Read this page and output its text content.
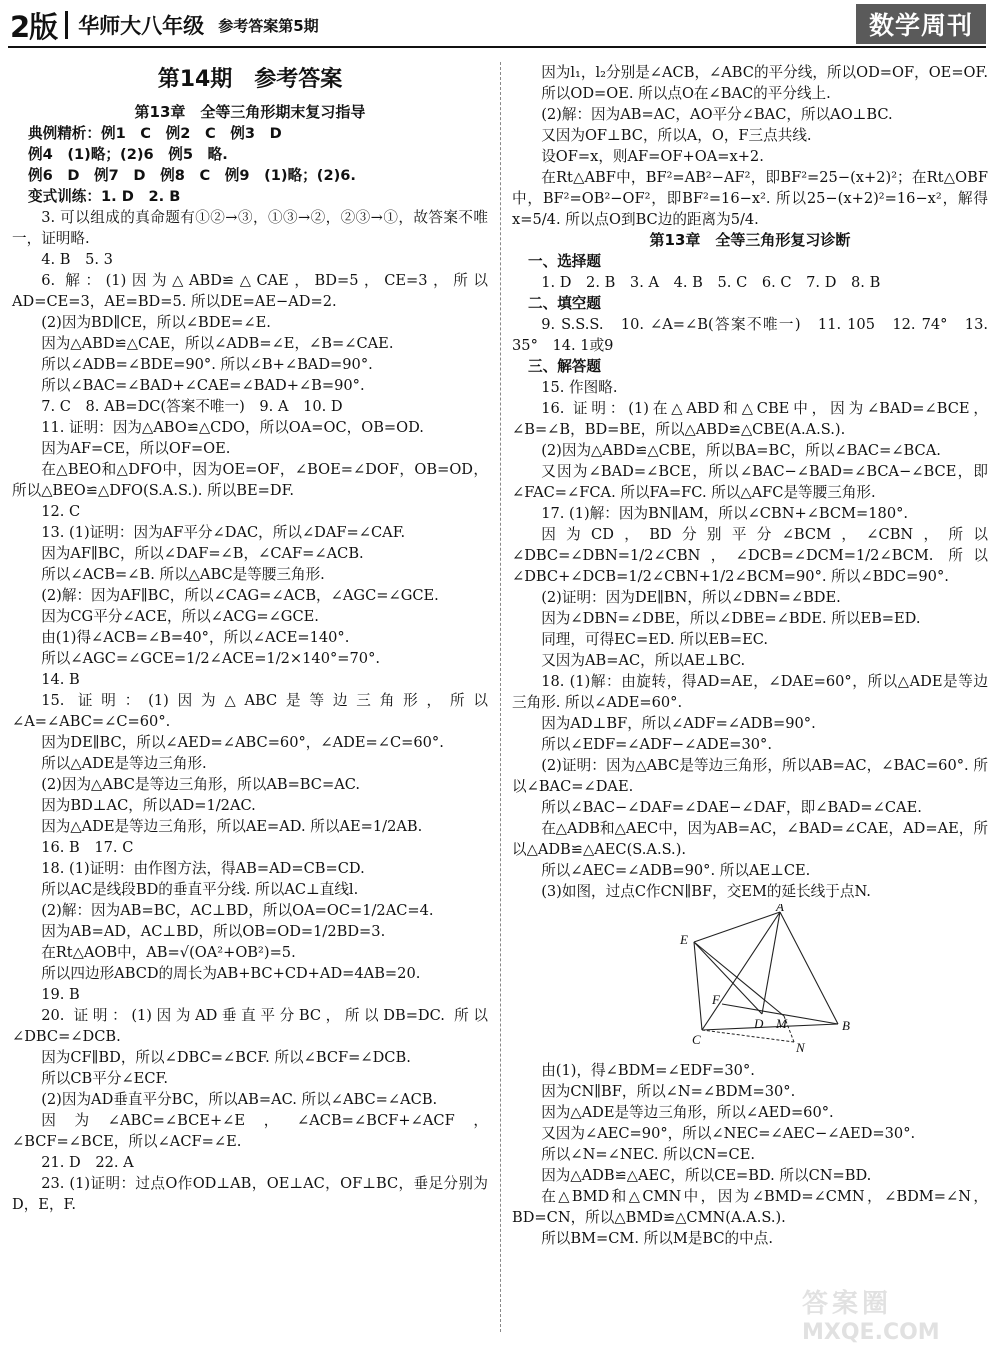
2版 华师大八年级 参考答案第5期	数学周刊
第14期　参考答案
第13章　全等三角形期末复习指导
典例精析：例1　C　例2　C　例3　D
例4　(1)略；(2)6　例5　略.
例6　D　例7　D　例8　C　例9　(1)略；(2)6.
变式训练：1. D　2. B
3. 可以组成的真命题有①②→③，①③→②，②③→①，故答案不唯一，证明略.
4. B　5. 3
6. 解：(1)因为△ABD≌△CAE，BD=5，CE=3，所以AD=CE=3，AE=BD=5. 所以DE=AE−AD=2.
(2)因为BD∥CE，所以∠BDE=∠E.
因为△ABD≌△CAE，所以∠ADB=∠E，∠B=∠CAE.
所以∠ADB=∠BDE=90°. 所以∠B+∠BAD=90°.
所以∠BAC=∠BAD+∠CAE=∠BAD+∠B=90°.
7. C　8. AB=DC(答案不唯一)　9. A　10. D
11. 证明：因为△ABO≌△CDO，所以OA=OC，OB=OD.
因为AF=CE，所以OF=OE.
在△BEO和△DFO中，因为OE=OF，∠BOE=∠DOF，OB=OD，所以△BEO≌△DFO(S.A.S.). 所以BE=DF.
12. C
13. (1)证明：因为AF平分∠DAC，所以∠DAF=∠CAF.
因为AF∥BC，所以∠DAF=∠B，∠CAF=∠ACB.
所以∠ACB=∠B. 所以△ABC是等腰三角形.
(2)解：因为AF∥BC，所以∠CAG=∠ACB，∠AGC=∠GCE.
因为CG平分∠ACE，所以∠ACG=∠GCE.
由(1)得∠ACB=∠B=40°，所以∠ACE=140°.
所以∠AGC=∠GCE=1/2∠ACE=1/2×140°=70°.
14. B
15. 证明：(1)因为△ABC是等边三角形，所以∠A=∠ABC=∠C=60°.
因为DE∥BC，所以∠AED=∠ABC=60°，∠ADE=∠C=60°.
所以△ADE是等边三角形.
(2)因为△ABC是等边三角形，所以AB=BC=AC.
因为BD⊥AC，所以AD=1/2AC.
因为△ADE是等边三角形，所以AE=AD. 所以AE=1/2AB.
16. B　17. C
18. (1)证明：由作图方法，得AB=AD=CB=CD.
所以AC是线段BD的垂直平分线. 所以AC⊥直线l.
(2)解：因为AB=BC，AC⊥BD，所以OA=OC=1/2AC=4.
因为AB=AD，AC⊥BD，所以OB=OD=1/2BD=3.
在Rt△AOB中，AB=√(OA²+OB²)=5.
所以四边形ABCD的周长为AB+BC+CD+AD=4AB=20.
19. B
20. 证明：(1)因为AD垂直平分BC，所以DB=DC. 所以∠DBC=∠DCB.
因为CF∥BD，所以∠DBC=∠BCF. 所以∠BCF=∠DCB.
所以CB平分∠ECF.
(2)因为AD垂直平分BC，所以AB=AC. 所以∠ABC=∠ACB.
因为∠ABC=∠BCE+∠E，∠ACB=∠BCF+∠ACF，∠BCF=∠BCE，所以∠ACF=∠E.
21. D　22. A
23. (1)证明：过点O作OD⊥AB，OE⊥AC，OF⊥BC，垂足分别为D，E，F.
因为l₁，l₂分别是∠ACB，∠ABC的平分线，所以OD=OF，OE=OF.
所以OD=OE. 所以点O在∠BAC的平分线上.
(2)解：因为AB=AC，AO平分∠BAC，所以AO⊥BC.
又因为OF⊥BC，所以A，O，F三点共线.
设OF=x，则AF=OF+OA=x+2.
在Rt△ABF中，BF²=AB²−AF²，即BF²=25−(x+2)²；在Rt△OBF中，BF²=OB²−OF²，即BF²=16−x². 所以25−(x+2)²=16−x²，解得x=5/4. 所以点O到BC边的距离为5/4.
第13章　全等三角形复习诊断
一、选择题
1. D　2. B　3. A　4. B　5. C　6. C　7. D　8. B
二、填空题
9. S.S.S.　10. ∠A=∠B(答案不唯一)　11. 105　12. 74°　13. 35°　14. 1或9
三、解答题
15. 作图略.
16. 证明：(1)在△ABD和△CBE中，因为∠BAD=∠BCE，∠B=∠B，BD=BE，所以△ABD≌△CBE(A.A.S.).
(2)因为△ABD≌△CBE，所以BA=BC，所以∠BAC=∠BCA.
又因为∠BAD=∠BCE，所以∠BAC−∠BAD=∠BCA−∠BCE，即∠FAC=∠FCA. 所以FA=FC. 所以△AFC是等腰三角形.
17. (1)解：因为BN∥AM，所以∠CBN+∠BCM=180°.
因为CD，BD分别平分∠BCM，∠CBN，所以∠DBC=∠DBN=1/2∠CBN，∠DCB=∠DCM=1/2∠BCM. 所以∠DBC+∠DCB=1/2∠CBN+1/2∠BCM=90°. 所以∠BDC=90°.
(2)证明：因为DE∥BN，所以∠DBN=∠BDE.
因为∠DBN=∠DBE，所以∠DBE=∠BDE. 所以EB=ED.
同理，可得EC=ED. 所以EB=EC.
又因为AB=AC，所以AE⊥BC.
18. (1)解：由旋转，得AD=AE，∠DAE=60°，所以△ADE是等边三角形. 所以∠ADE=60°.
因为AD⊥BF，所以∠ADF=∠ADB=90°.
所以∠EDF=∠ADF−∠ADE=30°.
(2)证明：因为△ABC是等边三角形，所以AB=AC，∠BAC=60°. 所以∠BAC=∠DAE.
所以∠BAC−∠DAF=∠DAE−∠DAF，即∠BAD=∠CAE.
在△ADB和△AEC中，因为AB=AC，∠BAD=∠CAE，AD=AE，所以△ADB≌△AEC(S.A.S.).
所以∠AEC=∠ADB=90°. 所以AE⊥CE.
(3)如图，过点C作CN∥BF，交EM的延长线于点N.
A
E
F
D M	B
C
N
由(1)，得∠BDM=∠EDF=30°.
因为CN∥BF，所以∠N=∠BDM=30°.
因为△ADE是等边三角形，所以∠AED=60°.
又因为∠AEC=90°，所以∠NEC=∠AEC−∠AED=30°.
所以∠N=∠NEC. 所以CN=CE.
因为△ADB≌△AEC，所以CE=BD. 所以CN=BD.
在△BMD和△CMN中，因为∠BMD=∠CMN，∠BDM=∠N，BD=CN，所以△BMD≌△CMN(A.A.S.).
所以BM=CM. 所以M是BC的中点.
答案圈
MXQE.COM
